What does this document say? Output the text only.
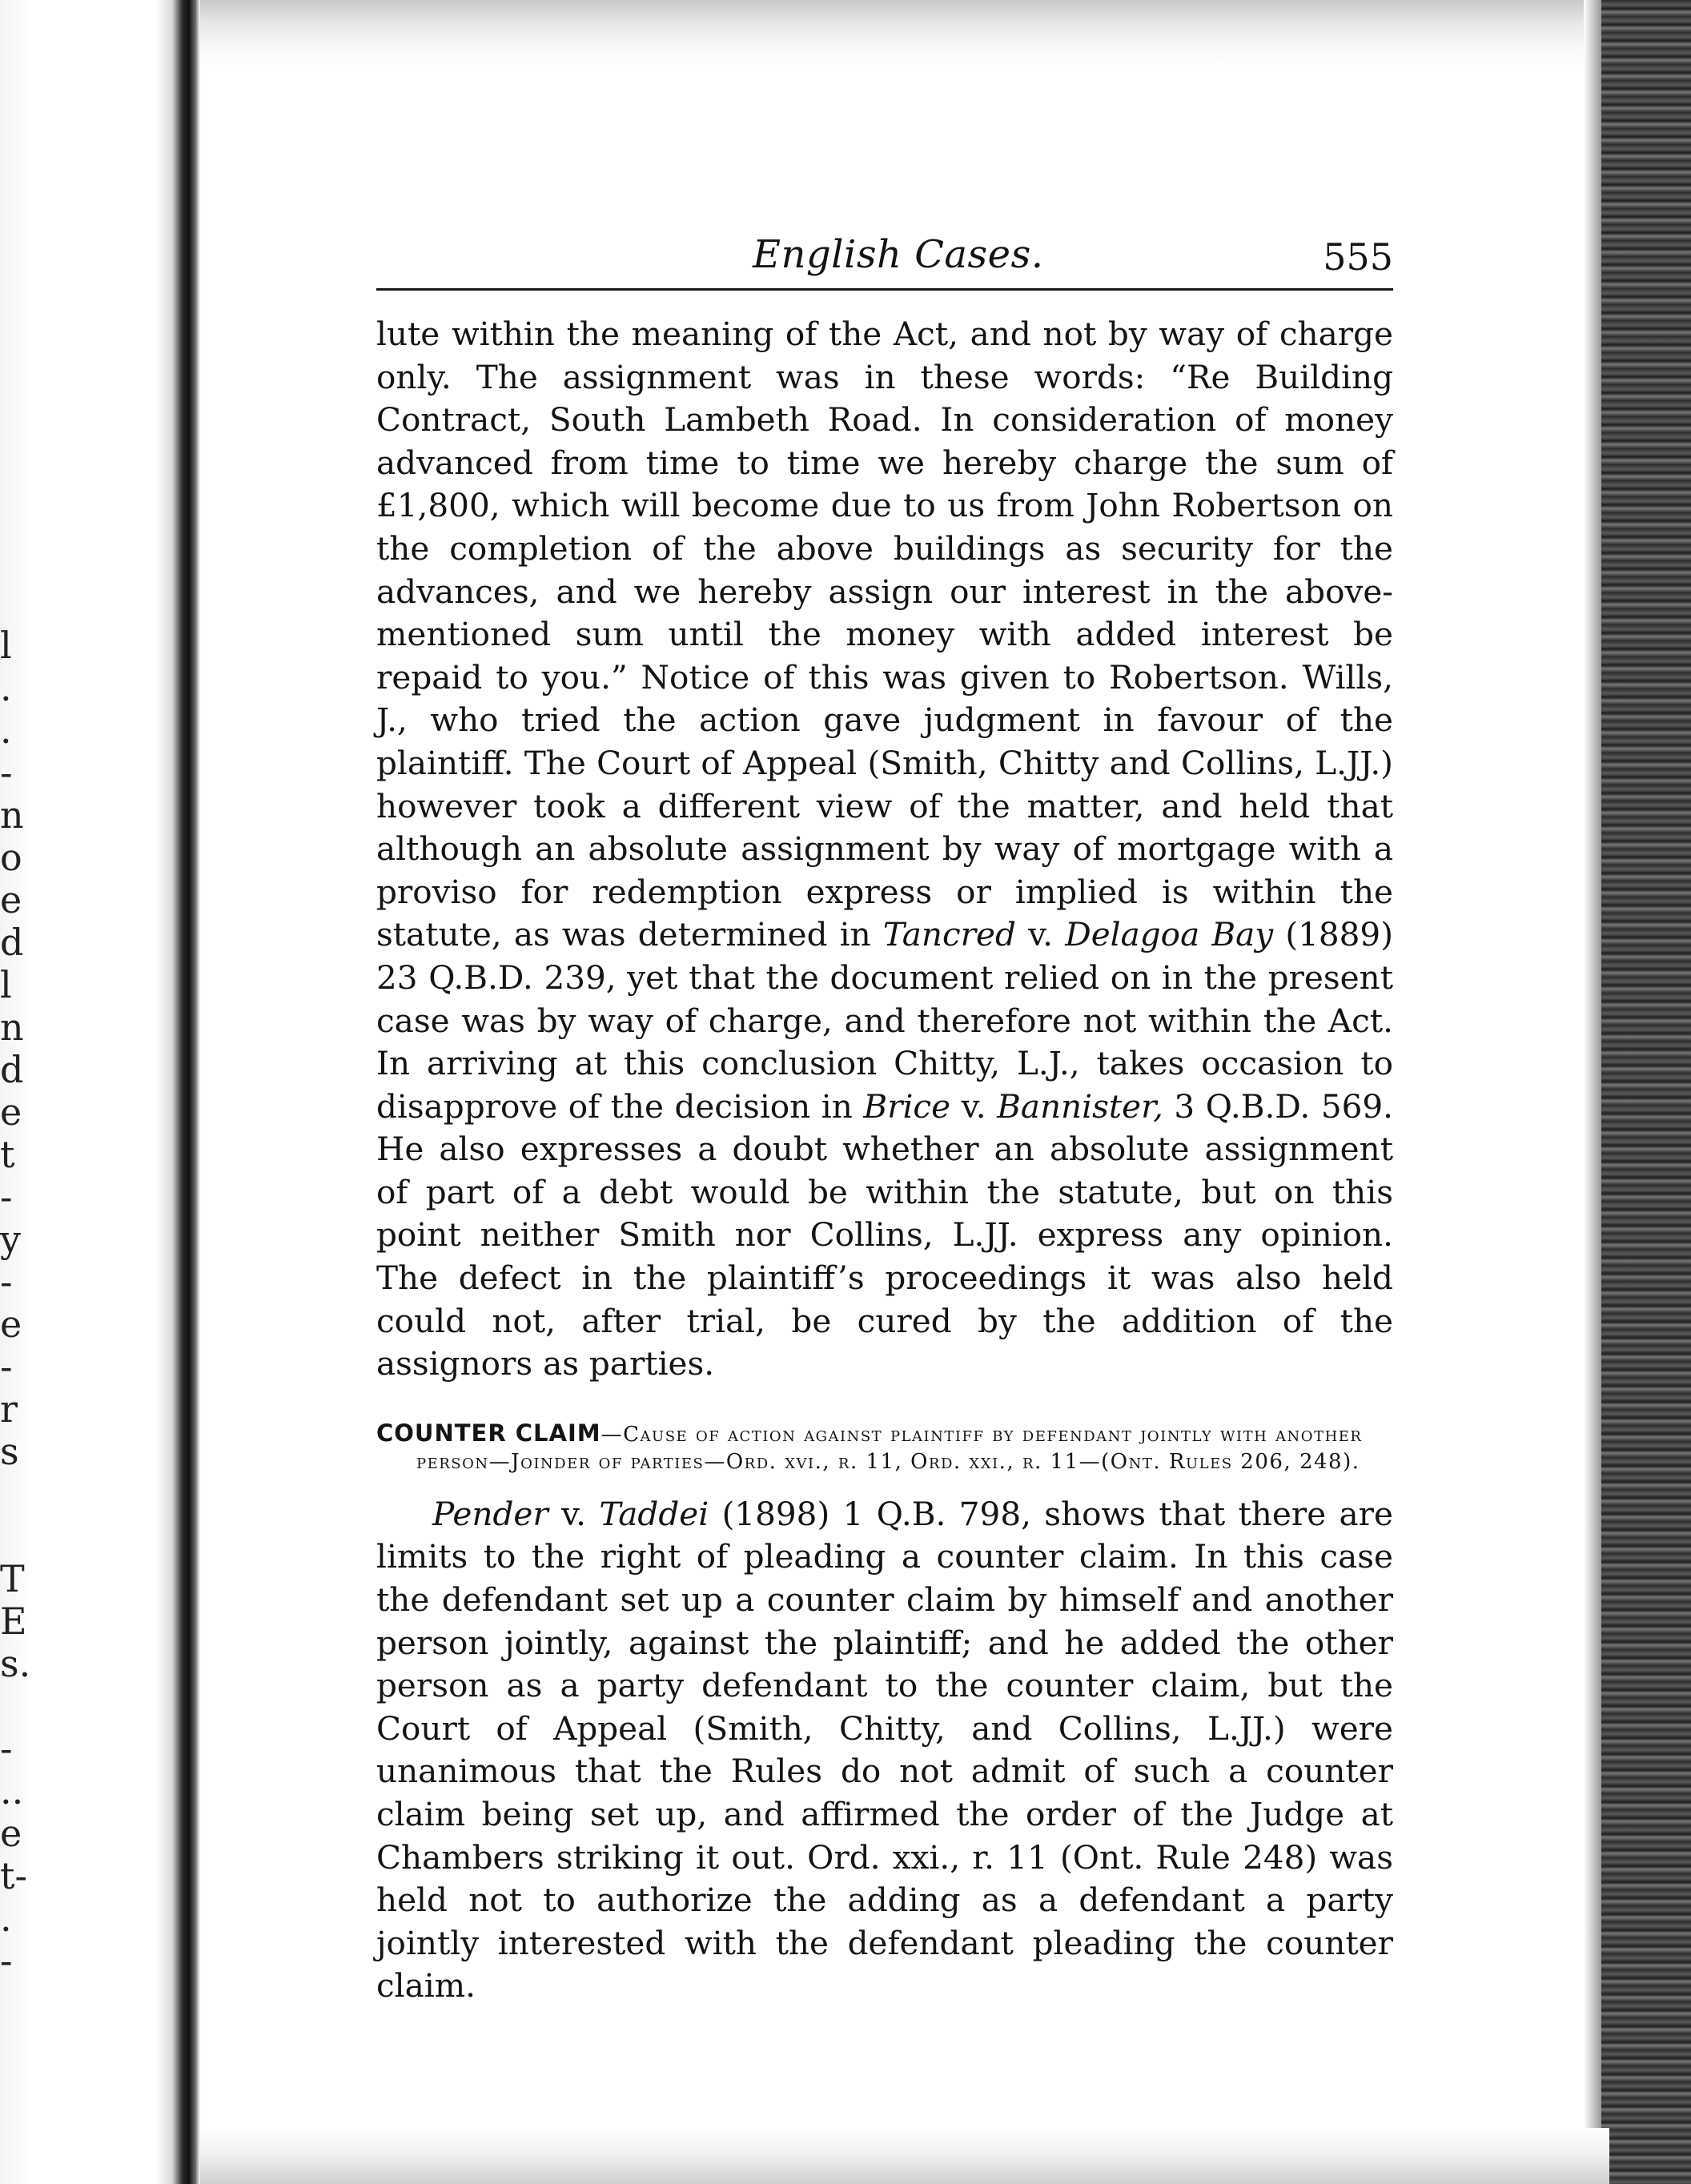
l
.
.
-
n
o
e
d
l
n
d
e
t
-
y
-
e
-
r
s
T
E
s.
-
..
e
t-
.
-
English Cases.	555

lute within the meaning of the Act, and not by way of charge only. The assignment was in these words: “Re Building Contract, South Lambeth Road. In consideration of money advanced from time to time we hereby charge the sum of £1,800, which will become due to us from John Robertson on the completion of the above buildings as security for the advances, and we hereby assign our interest in the above-mentioned sum until the money with added interest be repaid to you.” Notice of this was given to Robertson. Wills, J., who tried the action gave judgment in favour of the plaintiff. The Court of Appeal (Smith, Chitty and Collins, L.JJ.) however took a different view of the matter, and held that although an absolute assignment by way of mortgage with a proviso for redemption express or implied is within the statute, as was determined in Tancred v. Delagoa Bay (1889) 23 Q.B.D. 239, yet that the document relied on in the present case was by way of charge, and therefore not within the Act. In arriving at this conclusion Chitty, L.J., takes occasion to disapprove of the decision in Brice v. Bannister, 3 Q.B.D. 569. He also expresses a doubt whether an absolute assignment of part of a debt would be within the statute, but on this point neither Smith nor Collins, L.JJ. express any opinion. The defect in the plaintiff’s proceedings it was also held could not, after trial, be cured by the addition of the assignors as parties.

COUNTER CLAIM—Cause of action against plaintiff by defendant jointly with another person—Joinder of parties—Ord. xvi., r. 11, Ord. xxi., r. 11—(Ont. Rules 206, 248).

Pender v. Taddei (1898) 1 Q.B. 798, shows that there are limits to the right of pleading a counter claim. In this case the defendant set up a counter claim by himself and another person jointly, against the plaintiff; and he added the other person as a party defendant to the counter claim, but the Court of Appeal (Smith, Chitty, and Collins, L.JJ.) were unanimous that the Rules do not admit of such a counter claim being set up, and affirmed the order of the Judge at Chambers striking it out. Ord. xxi., r. 11 (Ont. Rule 248) was held not to authorize the adding as a defendant a party jointly interested with the defendant pleading the counter claim.
